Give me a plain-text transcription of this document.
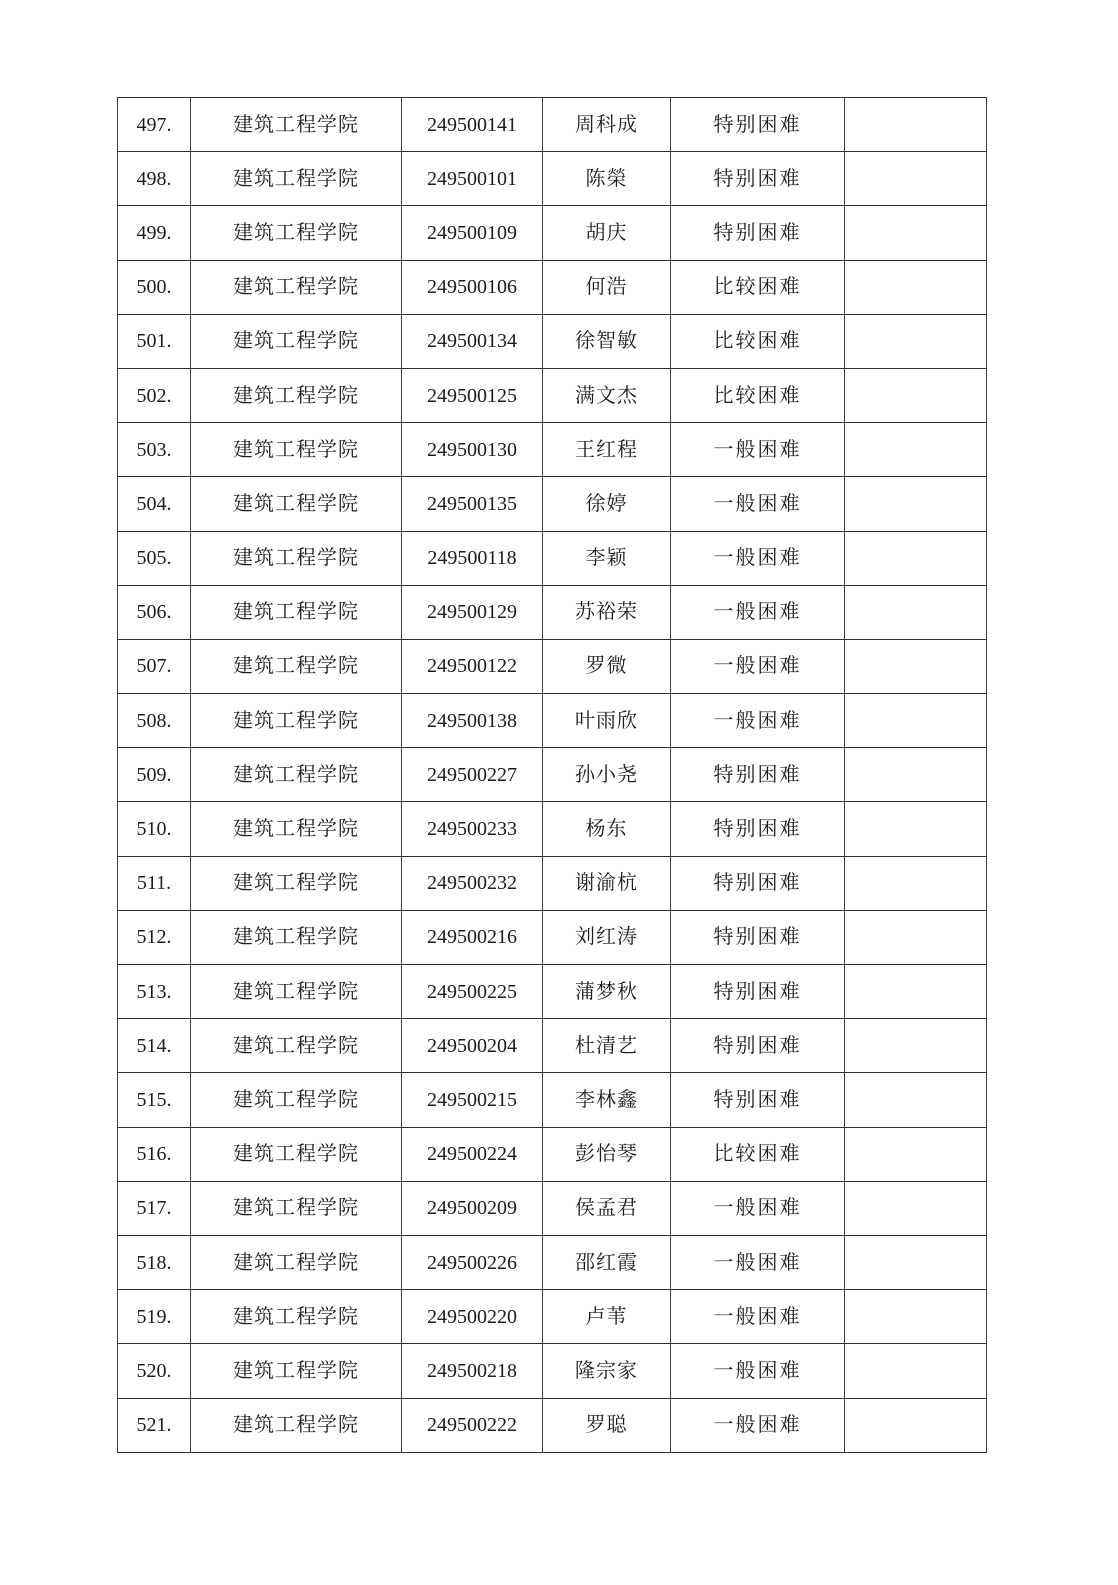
497.	建筑工程学院	249500141	周科成	特别困难	
498.	建筑工程学院	249500101	陈榮	特别困难	
499.	建筑工程学院	249500109	胡庆	特别困难	
500.	建筑工程学院	249500106	何浩	比较困难	
501.	建筑工程学院	249500134	徐智敏	比较困难	
502.	建筑工程学院	249500125	满文杰	比较困难	
503.	建筑工程学院	249500130	王红程	一般困难	
504.	建筑工程学院	249500135	徐婷	一般困难	
505.	建筑工程学院	249500118	李颖	一般困难	
506.	建筑工程学院	249500129	苏裕荣	一般困难	
507.	建筑工程学院	249500122	罗微	一般困难	
508.	建筑工程学院	249500138	叶雨欣	一般困难	
509.	建筑工程学院	249500227	孙小尧	特别困难	
510.	建筑工程学院	249500233	杨东	特别困难	
511.	建筑工程学院	249500232	谢渝杭	特别困难	
512.	建筑工程学院	249500216	刘红涛	特别困难	
513.	建筑工程学院	249500225	蒲梦秋	特别困难	
514.	建筑工程学院	249500204	杜清艺	特别困难	
515.	建筑工程学院	249500215	李林鑫	特别困难	
516.	建筑工程学院	249500224	彭怡琴	比较困难	
517.	建筑工程学院	249500209	侯孟君	一般困难	
518.	建筑工程学院	249500226	邵红霞	一般困难	
519.	建筑工程学院	249500220	卢苇	一般困难	
520.	建筑工程学院	249500218	隆宗家	一般困难	
521.	建筑工程学院	249500222	罗聪	一般困难	
